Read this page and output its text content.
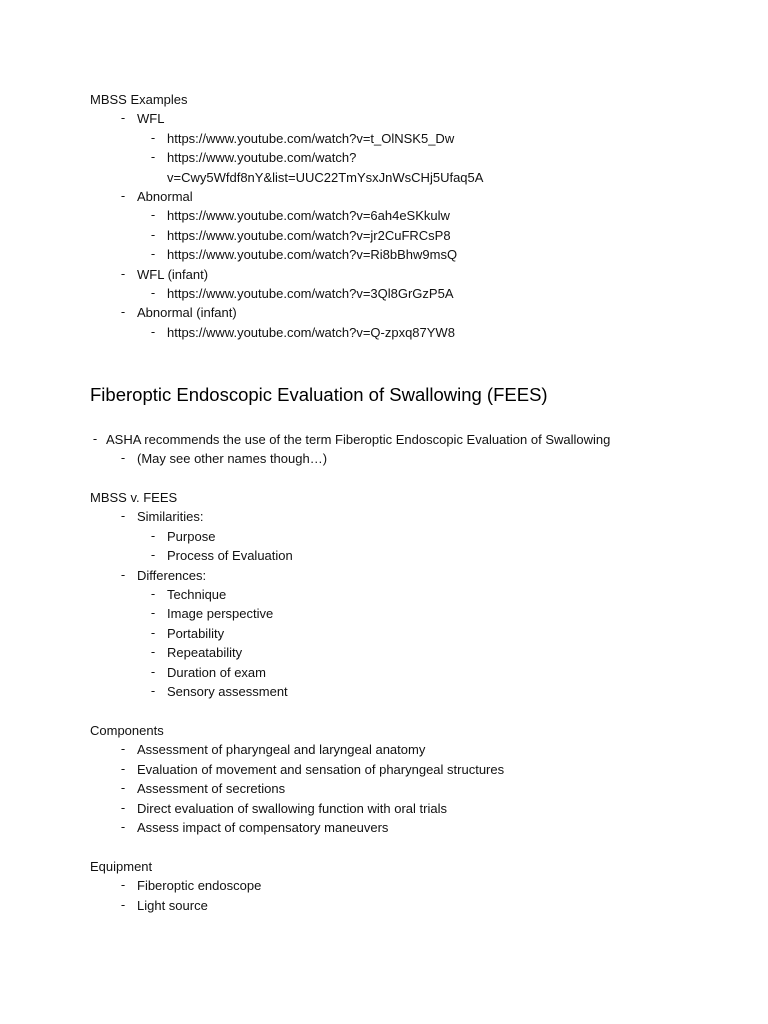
MBSS Examples
- WFL
- https://www.youtube.com/watch?v=t_OlNSK5_Dw
- https://www.youtube.com/watch?
v=Cwy5Wfdf8nY&list=UUC22TmYsxJnWsCHj5Ufaq5A
- Abnormal
- https://www.youtube.com/watch?v=6ah4eSKkulw
- https://www.youtube.com/watch?v=jr2CuFRCsP8
- https://www.youtube.com/watch?v=Ri8bBhw9msQ
- WFL (infant)
- https://www.youtube.com/watch?v=3Ql8GrGzP5A
- Abnormal (infant)
- https://www.youtube.com/watch?v=Q-zpxq87YW8
Fiberoptic Endoscopic Evaluation of Swallowing (FEES)
- ASHA recommends the use of the term Fiberoptic Endoscopic Evaluation of Swallowing
- (May see other names though…)
MBSS v. FEES
- Similarities:
- Purpose
- Process of Evaluation
- Differences:
- Technique
- Image perspective
- Portability
- Repeatability
- Duration of exam
- Sensory assessment
Components
- Assessment of pharyngeal and laryngeal anatomy
- Evaluation of movement and sensation of pharyngeal structures
- Assessment of secretions
- Direct evaluation of swallowing function with oral trials
- Assess impact of compensatory maneuvers
Equipment
- Fiberoptic endoscope
- Light source
